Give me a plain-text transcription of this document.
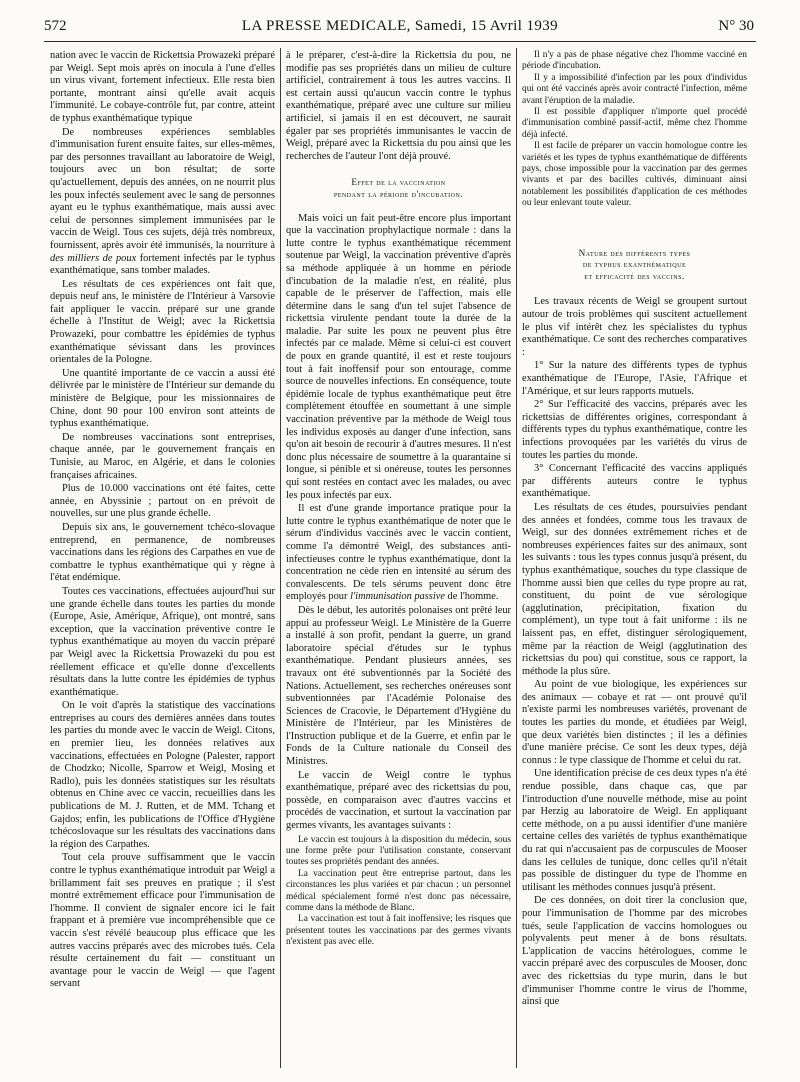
572	LA PRESSE MEDICALE, Samedi, 15 Avril 1939	N° 30

nation avec le vaccin de Rickettsia Prowazeki préparé par Weigl. Sept mois après on inocula à l'une d'elles un virus vivant, fortement infectieux. Elle resta bien portante, montrant ainsi qu'elle avait acquis l'immunité. Le cobaye-contrôle fut, par contre, atteint de typhus exanthématique typique

De nombreuses expériences semblables d'immunisation furent ensuite faites, sur elles-mêmes, par des personnes travaillant au laboratoire de Weigl, toujours avec un bon résultat; de sorte qu'actuellement, depuis des années, on ne nourrit plus les poux infectés seulement avec le sang de personnes ayant eu le typhus exanthématique, mais aussi avec celui de personnes simplement immunisées par le vaccin de Weigl. Tous ces sujets, déjà très nombreux, fournissent, après avoir été immunisés, la nourriture à des milliers de poux fortement infectés par le typhus exanthématique, sans tomber malades.

Les résultats de ces expériences ont fait que, depuis neuf ans, le ministère de l'Intérieur à Varsovie fait appliquer le vaccin. préparé sur une grande échelle à l'Institut de Weigl; avec la Rickettsia Prowazeki, pour combattre les épidémies de typhus exanthématique sévissant dans les provinces orientales de la Pologne.

Une quantité importante de ce vaccin a aussi été délivrée par le ministère de l'Intérieur sur demande du ministère de Belgique, pour les missionnaires de Chine, dont 90 pour 100 environ sont atteints de typhus exanthématique.

De nombreuses vaccinations sont entreprises, chaque année, par le gouvernement français en Tunisie, au Maroc, en Algérie, et dans le colonies françaises africaines.

Plus de 10.000 vaccinations ont été faites, cette année, en Abyssinie ; partout on en prévoit de nouvelles, sur une plus grande échelle.

Depuis six ans, le gouvernement tchéco-slovaque entreprend, en permanence, de nombreuses vaccinations dans les régions des Carpathes en vue de combattre le typhus exanthématique qui y règne à l'état endémique.

Toutes ces vaccinations, effectuées aujourd'hui sur une grande échelle dans toutes les parties du monde (Europe, Asie, Amérique, Afrique), ont montré, sans exception, que la vaccination préventive contre le typhus exanthématique au moyen du vaccin préparé par Weigl avec la Rickettsia Prowazeki du pou est réellement efficace et qu'elle donne d'excellents résultats dans la lutte contre les épidémies de typhus exanthématique.

On le voit d'après la statistique des vaccinations entreprises au cours des dernières années dans toutes les parties du monde avec le vaccin de Weigl. Citons, en premier lieu, les données relatives aux vaccinations, effectuées en Pologne (Palester, rapport de Chodzko; Nicolle, Sparrow et Weigl, Mosing et Radlo), puis les données statistiques sur les résultats obtenus en Chine avec ce vaccin, recueillies dans les publications de M. J. Rutten, et de MM. Tchang et Gajdos; enfin, les publications de l'Office d'Hygiène tchécoslovaque sur les résultats des vaccinations dans la région des Carpathes.

Tout cela prouve suffisamment que le vaccin contre le typhus exanthématique introduit par Weigl a brillamment fait ses preuves en pratique ; il s'est montré extrêmement efficace pour l'immunisation de l'homme. Il convient de signaler encore ici le fait frappant et à première vue incompréhensible que ce vaccin s'est révélé beaucoup plus efficace que les autres vaccins préparés avec des microbes tués. Cela résulte certainement du fait — constituant un avantage pour le vaccin de Weigl — que l'agent servant

à le préparer, c'est-à-dire la Rickettsia du pou, ne modifie pas ses propriétés dans un milieu de culture artificiel, contrairement à tous les autres vaccins. Il est certain aussi qu'aucun vaccin contre le typhus exanthématique, préparé avec une culture sur milieu artificiel, si jamais il en est découvert, ne saurait égaler par ses propriétés immunisantes le vaccin de Weigl, préparé avec la Rickettsia du pou ainsi que les recherches de l'auteur l'ont déjà prouvé.

Effet de la vaccination
pendant la période d'incubation.

Mais voici un fait peut-être encore plus important que la vaccination prophylactique normale : dans la lutte contre le typhus exanthématique récemment soutenue par Weigl, la vaccination préventive d'après sa méthode appliquée à un homme en période d'incubation de la maladie n'est, en réalité, plus capable de le préserver de l'affection, mais elle détermine dans le sang d'un tel sujet l'absence de rickettsia virulente pendant toute la durée de la maladie. Par suite les poux ne peuvent plus être infectés par ce malade. Même si celui-ci est couvert de poux en grande quantité, il est et reste toujours tout à fait inoffensif pour son entourage, comme source de nouvelles infections. En conséquence, toute épidémie locale de typhus exanthématique peut être complètement étouffée en soumettant à une simple vaccination préventive par la méthode de Weigl tous les individus exposés au danger d'une infection, sans qu'on ait besoin de recourir à d'autres mesures. Il n'est donc plus nécessaire de soumettre à la quarantaine si longue, si pénible et si onéreuse, toutes les personnes qui sont restées en contact avec les malades, ou avec les poux infectés par eux.

Il est d'une grande importance pratique pour la lutte contre le typhus exanthématique de noter que le sérum d'individus vaccinés avec le vaccin contient, comme l'a démontré Weigl, des substances anti-infectieuses contre le typhus exanthématique, dont la concentration ne cède rien en intensité au sérum des convalescents. De tels sérums peuvent donc être employés pour l'immunisation passive de l'homme.

Dès le début, les autorités polonaises ont prêté leur appui au professeur Weigl. Le Ministère de la Guerre a installé à son profit, pendant la guerre, un grand laboratoire spécial d'études sur le typhus exanthématique. Pendant plusieurs années, ses travaux ont été subventionnés par la Société des Nations. Actuellement, ses recherches onéreuses sont subventionnées par l'Académie Polonaise des Sciences de Cracovie, le Département d'Hygiène du Ministère de l'Intérieur, par les Ministères de l'Instruction publique et de la Guerre, et enfin par le Fonds de la Culture nationale du Conseil des Ministres.

Le vaccin de Weigl contre le typhus exanthématique, préparé avec des rickettsias du pou, possède, en comparaison avec d'autres vaccins et procédés de vaccination, et surtout la vaccination par germes vivants, les avantages suivants :

Le vaccin est toujours à la disposition du médecin, sous une forme prête pour l'utilisation constante, conservant toutes ses propriétés pendant des années.

La vaccination peut être entreprise partout, dans les circonstances les plus variées et par chacun ; un personnel médical spécialement formé n'est donc pas nécessaire, comme dans la méthode de Blanc.

La vaccination est tout à fait inoffensive; les risques que présentent toutes les vaccinations par des germes vivants n'existent pas avec elle.

Il n'y a pas de phase négative chez l'homme vacciné en période d'incubation.

Il y a impossibilité d'infection par les poux d'individus qui ont été vaccinés après avoir contracté l'infection, même avant l'éruption de la maladie.

Il est possible d'appliquer n'importe quel procédé d'immunisation combiné passif-actif, même chez l'homme déjà infecté.

Il est facile de préparer un vaccin homologue contre les variétés et les types de typhus exanthématique de différents pays, chose impossible pour la vaccination par des germes vivants et par des bacilles cultivés, diminuant ainsi notablement les possibilités d'application de ces méthodes ou leur enlevant toute valeur.

Nature des différents types
de typhus exanthématique
et efficacité des vaccins.

Les travaux récents de Weigl se groupent surtout autour de trois problèmes qui suscitent actuellement le plus vif intérêt chez les spécialistes du typhus exanthématique. Ce sont des recherches comparatives :

1° Sur la nature des différents types de typhus exanthématique de l'Europe, l'Asie, l'Afrique et l'Amérique, et sur leurs rapports mutuels.

2° Sur l'efficacité des vaccins, préparés avec les rickettsias de différentes origines, correspondant à différents types du typhus exanthématique, contre les infections provoquées par les variétés du virus de toutes les parties du monde.

3° Concernant l'efficacité des vaccins appliqués par différents auteurs contre le typhus exanthématique.

Les résultats de ces études, poursuivies pendant des années et fondées, comme tous les travaux de Weigl, sur des données extrêmement riches et de nombreuses expériences faites sur des animaux, sont les suivants : tous les types connus jusqu'à présent, du typhus exanthématique, souches du type classique de l'homme aussi bien que celles du type propre au rat, constituent, du point de vue sérologique (agglutination, précipitation, fixation du complément), un type tout à fait uniforme : ils ne laissent pas, en effet, distinguer sérologiquement, même par la réaction de Weigl (agglutination des rickettsias du pou) qui constitue, sous ce rapport, la méthode la plus sûre.

Au point de vue biologique, les expériences sur des animaux — cobaye et rat — ont prouvé qu'il n'existe parmi les nombreuses variétés, provenant de toutes les parties du monde, et étudiées par Weigl, que deux variétés bien distinctes ; il les a définies d'une manière précise. Ce sont les deux types, déjà connus : le type classique de l'homme et celui du rat.

Une identification précise de ces deux types n'a été rendue possible, dans chaque cas, que par l'introduction d'une nouvelle méthode, mise au point par Herzig au laboratoire de Weigl. En appliquant cette méthode, on a pu aussi identifier d'une manière certaine celles des variétés de typhus exanthématique du rat qui n'accusaient pas de corpuscules de Mooser dans les cellules de tunique, donc celles qu'il n'était pas possible de distinguer du type de l'homme en utilisant les méthodes connues jusqu'à présent.

De ces données, on doit tirer la conclusion que, pour l'immunisation de l'homme par des microbes tués, seule l'application de vaccins homologues ou polyvalents peut mener à de bons résultats. L'application de vaccins hétérologues, comme le vaccin préparé avec des corpuscules de Mooser, donc avec des rickettsias du type murin, dans le but d'immuniser l'homme contre le virus de l'homme, ainsi que
